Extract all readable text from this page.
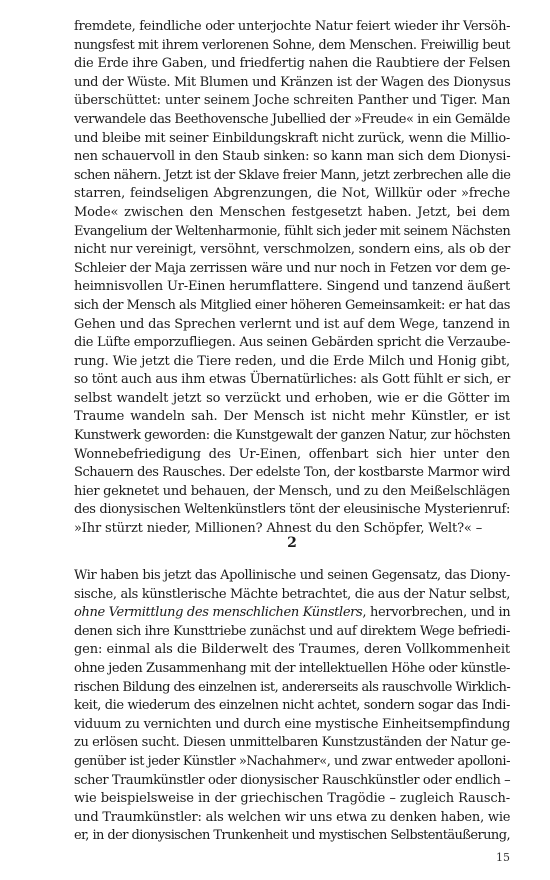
fremdete, feindliche oder unterjochte Natur feiert wieder ihr Versöh-
nungsfest mit ihrem verlorenen Sohne, dem Menschen. Freiwillig beut
die Erde ihre Gaben, und friedfertig nahen die Raubtiere der Felsen
und der Wüste. Mit Blumen und Kränzen ist der Wagen des Dionysus
überschüttet: unter seinem Joche schreiten Panther und Tiger. Man
verwandele das Beethovensche Jubellied der »Freude« in ein Gemälde
und bleibe mit seiner Einbildungskraft nicht zurück, wenn die Millio-
nen schauervoll in den Staub sinken: so kann man sich dem Dionysi-
schen nähern. Jetzt ist der Sklave freier Mann, jetzt zerbrechen alle die
starren, feindseligen Abgrenzungen, die Not, Willkür oder »freche
Mode« zwischen den Menschen festgesetzt haben. Jetzt, bei dem
Evangelium der Weltenharmonie, fühlt sich jeder mit seinem Nächsten
nicht nur vereinigt, versöhnt, verschmolzen, sondern eins, als ob der
Schleier der Maja zerrissen wäre und nur noch in Fetzen vor dem ge-
heimnisvollen Ur-Einen herumflattere. Singend und tanzend äußert
sich der Mensch als Mitglied einer höheren Gemeinsamkeit: er hat das
Gehen und das Sprechen verlernt und ist auf dem Wege, tanzend in
die Lüfte emporzufliegen. Aus seinen Gebärden spricht die Verzaube-
rung. Wie jetzt die Tiere reden, und die Erde Milch und Honig gibt,
so tönt auch aus ihm etwas Übernatürliches: als Gott fühlt er sich, er
selbst wandelt jetzt so verzückt und erhoben, wie er die Götter im
Traume wandeln sah. Der Mensch ist nicht mehr Künstler, er ist
Kunstwerk geworden: die Kunstgewalt der ganzen Natur, zur höchsten
Wonnebefriedigung des Ur-Einen, offenbart sich hier unter den
Schauern des Rausches. Der edelste Ton, der kostbarste Marmor wird
hier geknetet und behauen, der Mensch, und zu den Meißelschlägen
des dionysischen Weltenkünstlers tönt der eleusinische Mysterienruf:
»Ihr stürzt nieder, Millionen? Ahnest du den Schöpfer, Welt?« –
2
Wir haben bis jetzt das Apollinische und seinen Gegensatz, das Diony-
sische, als künstlerische Mächte betrachtet, die aus der Natur selbst,
ohne Vermittlung des menschlichen Künstlers, hervorbrechen, und in
denen sich ihre Kunsttriebe zunächst und auf direktem Wege befriedi-
gen: einmal als die Bilderwelt des Traumes, deren Vollkommenheit
ohne jeden Zusammenhang mit der intellektuellen Höhe oder künstle-
rischen Bildung des einzelnen ist, andererseits als rauschvolle Wirklich-
keit, die wiederum des einzelnen nicht achtet, sondern sogar das Indi-
viduum zu vernichten und durch eine mystische Einheitsempfindung
zu erlösen sucht. Diesen unmittelbaren Kunstzuständen der Natur ge-
genüber ist jeder Künstler »Nachahmer«, und zwar entweder apolloni-
scher Traumkünstler oder dionysischer Rauschkünstler oder endlich –
wie beispielsweise in der griechischen Tragödie – zugleich Rausch-
und Traumkünstler: als welchen wir uns etwa zu denken haben, wie
er, in der dionysischen Trunkenheit und mystischen Selbstentäußerung,
15
